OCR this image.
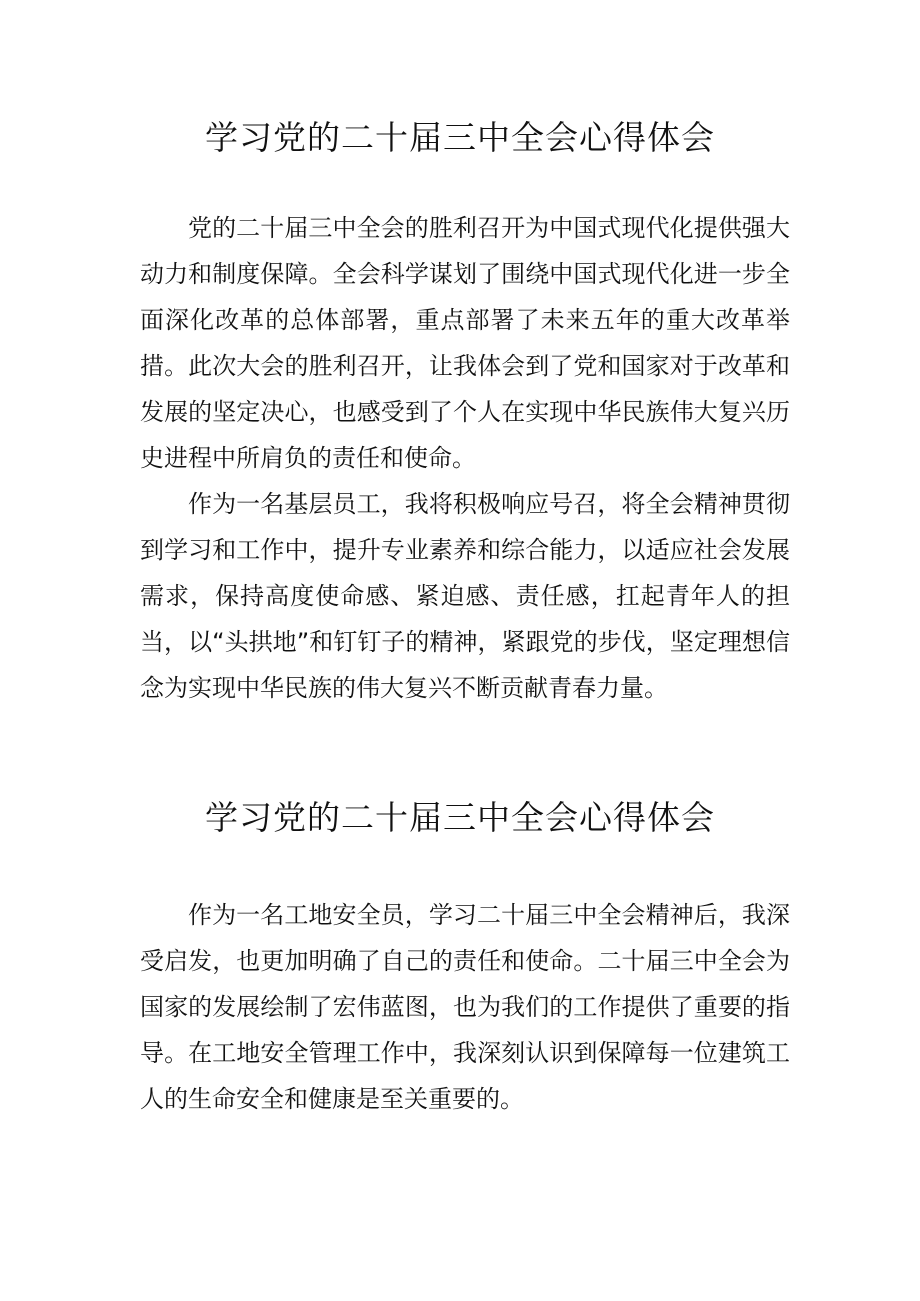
学习党的二十届三中全会心得体会

党的二十届三中全会的胜利召开为中国式现代化提供强大动力和制度保障。全会科学谋划了围绕中国式现代化进一步全面深化改革的总体部署，重点部署了未来五年的重大改革举措。此次大会的胜利召开，让我体会到了党和国家对于改革和发展的坚定决心，也感受到了个人在实现中华民族伟大复兴历史进程中所肩负的责任和使命。

作为一名基层员工，我将积极响应号召，将全会精神贯彻到学习和工作中，提升专业素养和综合能力，以适应社会发展需求，保持高度使命感、紧迫感、责任感，扛起青年人的担当，以“头拱地”和钉钉子的精神，紧跟党的步伐，坚定理想信念为实现中华民族的伟大复兴不断贡献青春力量。

学习党的二十届三中全会心得体会

作为一名工地安全员，学习二十届三中全会精神后，我深受启发，也更加明确了自己的责任和使命。二十届三中全会为国家的发展绘制了宏伟蓝图，也为我们的工作提供了重要的指导。在工地安全管理工作中，我深刻认识到保障每一位建筑工人的生命安全和健康是至关重要的。
